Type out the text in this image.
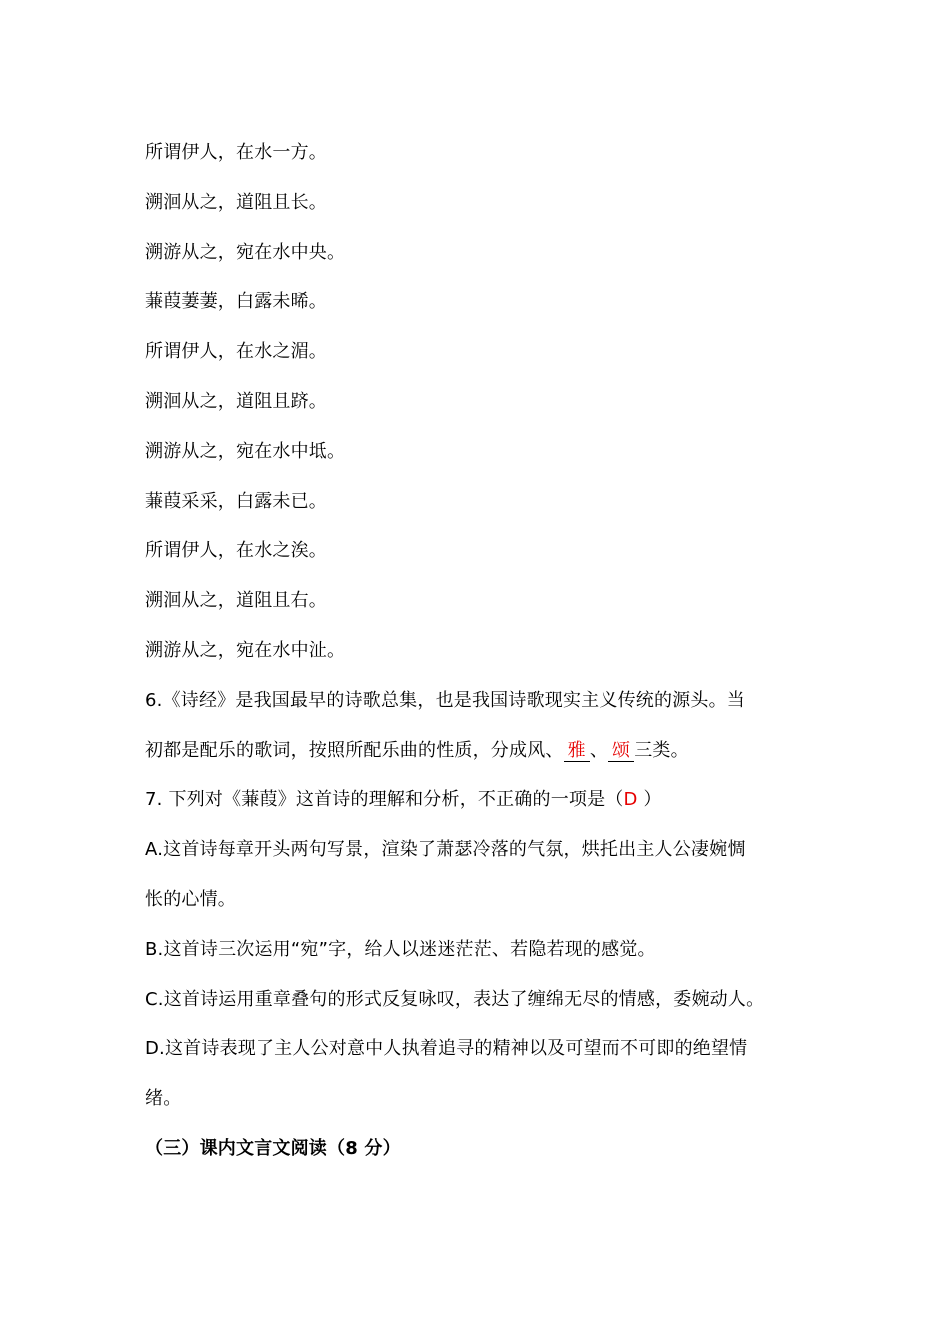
所谓伊人，在水一方。
溯洄从之，道阻且长。
溯游从之，宛在水中央。
蒹葭萋萋，白露未晞。
所谓伊人，在水之湄。
溯洄从之，道阻且跻。
溯游从之，宛在水中坻。
蒹葭采采，白露未已。
所谓伊人，在水之涘。
溯洄从之，道阻且右。
溯游从之，宛在水中沚。
6.《诗经》是我国最早的诗歌总集，也是我国诗歌现实主义传统的源头。当
初都是配乐的歌词，按照所配乐曲的性质，分成风、 雅 、 颂 三类。
7. 下列对《蒹葭》这首诗的理解和分析，不正确的一项是（D ）
A.这首诗每章开头两句写景，渲染了萧瑟冷落的气氛，烘托出主人公凄婉惆
怅的心情。
B.这首诗三次运用“宛”字，给人以迷迷茫茫、若隐若现的感觉。
C.这首诗运用重章叠句的形式反复咏叹，表达了缠绵无尽的情感，委婉动人。
D.这首诗表现了主人公对意中人执着追寻的精神以及可望而不可即的绝望情
绪。
（三）课内文言文阅读（8 分）
